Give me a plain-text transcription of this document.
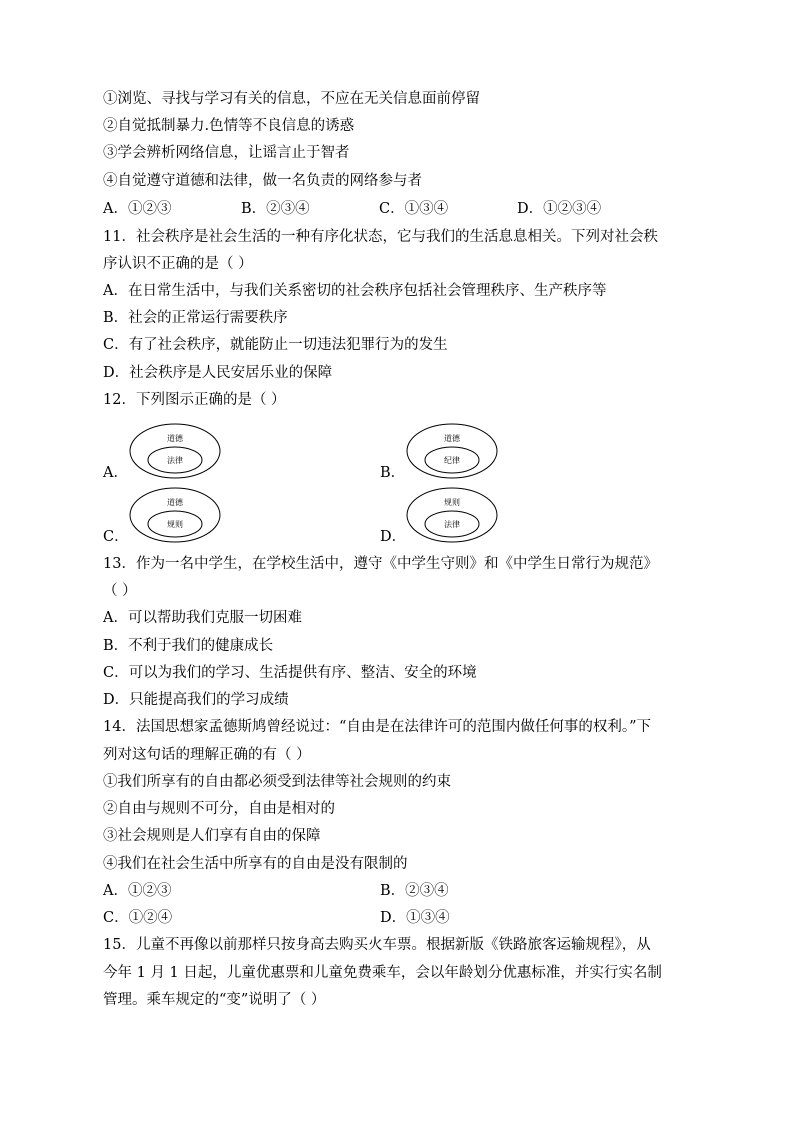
①浏览、寻找与学习有关的信息，不应在无关信息面前停留
②自觉抵制暴力.色情等不良信息的诱惑
③学会辨析网络信息，让谣言止于智者
④自觉遵守道德和法律，做一名负责的网络参与者
A．①②③	B．②③④	C．①③④	D．①②③④
11．社会秩序是社会生活的一种有序化状态，它与我们的生活息息相关。下列对社会秩
序认识不正确的是（ ）
A．在日常生活中，与我们关系密切的社会秩序包括社会管理秩序、生产秩序等
B．社会的正常运行需要秩序
C．有了社会秩序，就能防止一切违法犯罪行为的发生
D．社会秩序是人民安居乐业的保障
12．下列图示正确的是（ ）
A．
道德
法律
B．
道德
纪律
C．
道德
规则
D．
规则
法律
13．作为一名中学生，在学校生活中，遵守《中学生守则》和《中学生日常行为规范》
（ ）
A．可以帮助我们克服一切困难
B．不利于我们的健康成长
C．可以为我们的学习、生活提供有序、整洁、安全的环境
D．只能提高我们的学习成绩
14．法国思想家孟德斯鸠曾经说过：“自由是在法律许可的范围内做任何事的权利。”下
列对这句话的理解正确的有（ ）
①我们所享有的自由都必须受到法律等社会规则的约束
②自由与规则不可分，自由是相对的
③社会规则是人们享有自由的保障
④我们在社会生活中所享有的自由是没有限制的
A．①②③	B．②③④
C．①②④	D．①③④
15．儿童不再像以前那样只按身高去购买火车票。根据新版《铁路旅客运输规程》，从
今年 1 月 1 日起，儿童优惠票和儿童免费乘车，会以年龄划分优惠标准，并实行实名制
管理。乘车规定的“变”说明了（ ）
